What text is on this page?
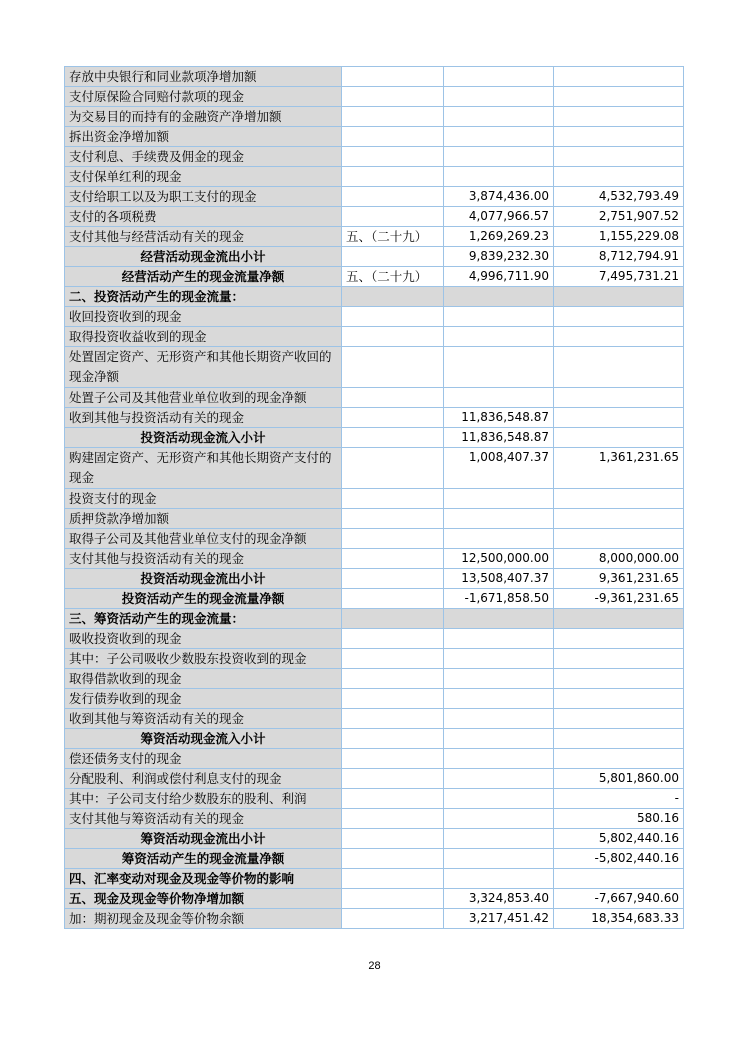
存放中央银行和同业款项净增加额			
支付原保险合同赔付款项的现金			
为交易目的而持有的金融资产净增加额			
拆出资金净增加额			
支付利息、手续费及佣金的现金			
支付保单红利的现金			
支付给职工以及为职工支付的现金		3,874,436.00	4,532,793.49
支付的各项税费		4,077,966.57	2,751,907.52
支付其他与经营活动有关的现金	五、（二十九）	1,269,269.23	1,155,229.08
经营活动现金流出小计		9,839,232.30	8,712,794.91
经营活动产生的现金流量净额	五、（二十九）	4,996,711.90	7,495,731.21
二、投资活动产生的现金流量：			
收回投资收到的现金			
取得投资收益收到的现金			
处置固定资产、无形资产和其他长期资产收回的现金净额			
处置子公司及其他营业单位收到的现金净额			
收到其他与投资活动有关的现金		11,836,548.87	
投资活动现金流入小计		11,836,548.87	
购建固定资产、无形资产和其他长期资产支付的现金		1,008,407.37	1,361,231.65
投资支付的现金			
质押贷款净增加额			
取得子公司及其他营业单位支付的现金净额			
支付其他与投资活动有关的现金		12,500,000.00	8,000,000.00
投资活动现金流出小计		13,508,407.37	9,361,231.65
投资活动产生的现金流量净额		-1,671,858.50	-9,361,231.65
三、筹资活动产生的现金流量：			
吸收投资收到的现金			
其中：子公司吸收少数股东投资收到的现金			
取得借款收到的现金			
发行债券收到的现金			
收到其他与筹资活动有关的现金			
筹资活动现金流入小计			
偿还债务支付的现金			
分配股利、利润或偿付利息支付的现金			5,801,860.00
其中：子公司支付给少数股东的股利、利润			-
支付其他与筹资活动有关的现金			580.16
筹资活动现金流出小计			5,802,440.16
筹资活动产生的现金流量净额			-5,802,440.16
四、汇率变动对现金及现金等价物的影响			
五、现金及现金等价物净增加额		3,324,853.40	-7,667,940.60
加：期初现金及现金等价物余额		3,217,451.42	18,354,683.33
28
